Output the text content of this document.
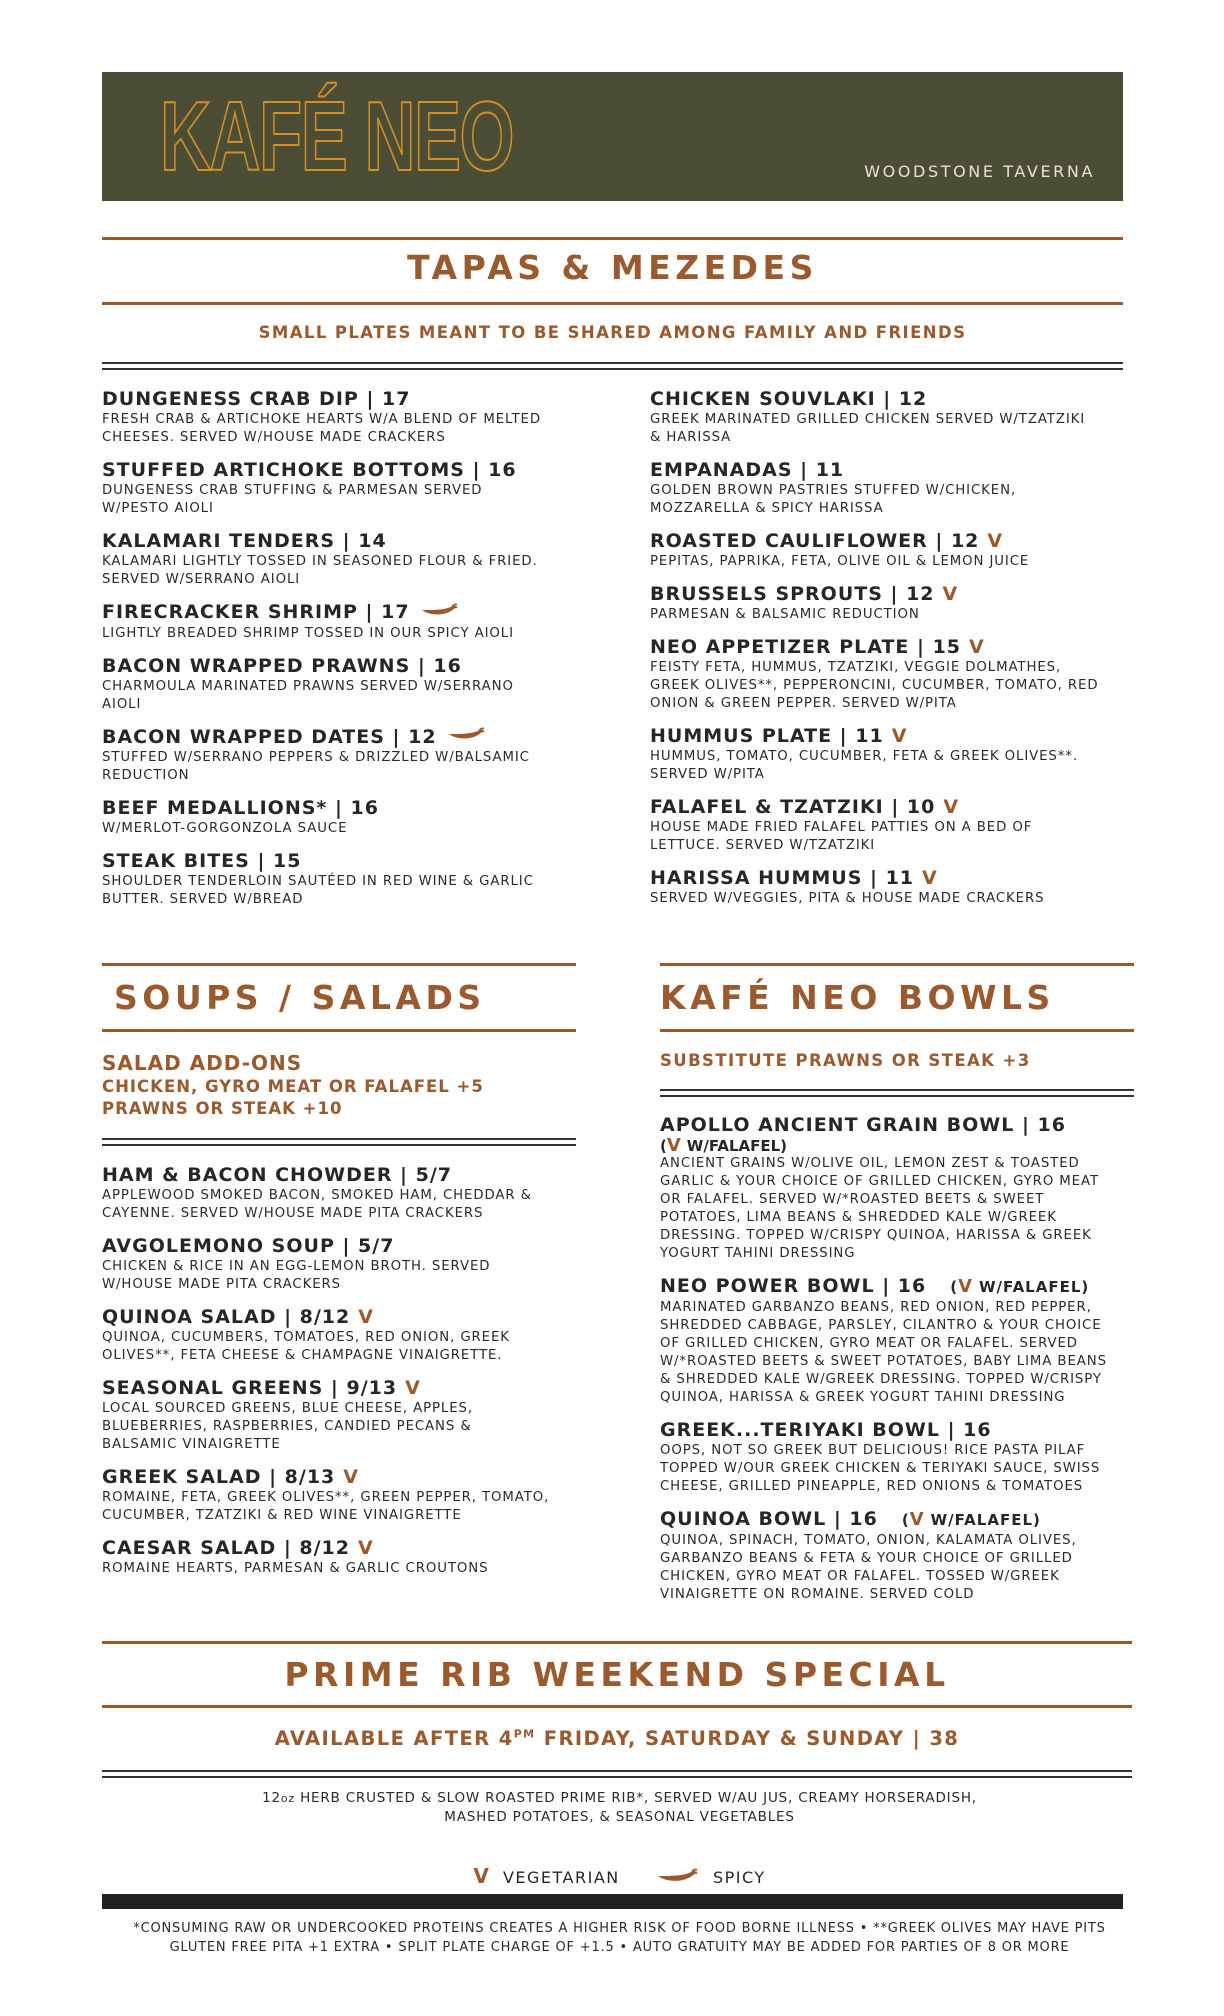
KAFÉ NEO	WOODSTONE TAVERNA
TAPAS & MEZEDES
SMALL PLATES MEANT TO BE SHARED AMONG FAMILY AND FRIENDS
DUNGENESS CRAB DIP | 17
FRESH CRAB & ARTICHOKE HEARTS W/A BLEND OF MELTED
CHEESES. SERVED W/HOUSE MADE CRACKERS
STUFFED ARTICHOKE BOTTOMS | 16
DUNGENESS CRAB STUFFING & PARMESAN SERVED
W/PESTO AIOLI
KALAMARI TENDERS | 14
KALAMARI LIGHTLY TOSSED IN SEASONED FLOUR & FRIED.
SERVED W/SERRANO AIOLI
FIRECRACKER SHRIMP | 17
LIGHTLY BREADED SHRIMP TOSSED IN OUR SPICY AIOLI
BACON WRAPPED PRAWNS | 16
CHARMOULA MARINATED PRAWNS SERVED W/SERRANO
AIOLI
BACON WRAPPED DATES | 12
STUFFED W/SERRANO PEPPERS & DRIZZLED W/BALSAMIC
REDUCTION
BEEF MEDALLIONS* | 16
W/MERLOT-GORGONZOLA SAUCE
STEAK BITES | 15
SHOULDER TENDERLOIN SAUTÉED IN RED WINE & GARLIC
BUTTER. SERVED W/BREAD
CHICKEN SOUVLAKI | 12
GREEK MARINATED GRILLED CHICKEN SERVED W/TZATZIKI
& HARISSA
EMPANADAS | 11
GOLDEN BROWN PASTRIES STUFFED W/CHICKEN,
MOZZARELLA & SPICY HARISSA
ROASTED CAULIFLOWER | 12 V
PEPITAS, PAPRIKA, FETA, OLIVE OIL & LEMON JUICE
BRUSSELS SPROUTS | 12 V
PARMESAN & BALSAMIC REDUCTION
NEO APPETIZER PLATE | 15 V
FEISTY FETA, HUMMUS, TZATZIKI, VEGGIE DOLMATHES,
GREEK OLIVES**, PEPPERONCINI, CUCUMBER, TOMATO, RED
ONION & GREEN PEPPER. SERVED W/PITA
HUMMUS PLATE | 11 V
HUMMUS, TOMATO, CUCUMBER, FETA & GREEK OLIVES**.
SERVED W/PITA
FALAFEL & TZATZIKI | 10 V
HOUSE MADE FRIED FALAFEL PATTIES ON A BED OF
LETTUCE. SERVED W/TZATZIKI
HARISSA HUMMUS | 11 V
SERVED W/VEGGIES, PITA & HOUSE MADE CRACKERS
SOUPS / SALADS
SALAD ADD-ONS
CHICKEN, GYRO MEAT OR FALAFEL +5
PRAWNS OR STEAK +10
HAM & BACON CHOWDER | 5/7
APPLEWOOD SMOKED BACON, SMOKED HAM, CHEDDAR &
CAYENNE. SERVED W/HOUSE MADE PITA CRACKERS
AVGOLEMONO SOUP | 5/7
CHICKEN & RICE IN AN EGG-LEMON BROTH. SERVED
W/HOUSE MADE PITA CRACKERS
QUINOA SALAD | 8/12 V
QUINOA, CUCUMBERS, TOMATOES, RED ONION, GREEK
OLIVES**, FETA CHEESE & CHAMPAGNE VINAIGRETTE.
SEASONAL GREENS | 9/13 V
LOCAL SOURCED GREENS, BLUE CHEESE, APPLES,
BLUEBERRIES, RASPBERRIES, CANDIED PECANS &
BALSAMIC VINAIGRETTE
GREEK SALAD | 8/13 V
ROMAINE, FETA, GREEK OLIVES**, GREEN PEPPER, TOMATO,
CUCUMBER, TZATZIKI & RED WINE VINAIGRETTE
CAESAR SALAD | 8/12 V
ROMAINE HEARTS, PARMESAN & GARLIC CROUTONS
KAFÉ NEO BOWLS
SUBSTITUTE PRAWNS OR STEAK +3
APOLLO ANCIENT GRAIN BOWL | 16
(V W/FALAFEL)
ANCIENT GRAINS W/OLIVE OIL, LEMON ZEST & TOASTED
GARLIC & YOUR CHOICE OF GRILLED CHICKEN, GYRO MEAT
OR FALAFEL. SERVED W/*ROASTED BEETS & SWEET
POTATOES, LIMA BEANS & SHREDDED KALE W/GREEK
DRESSING. TOPPED W/CRISPY QUINOA, HARISSA & GREEK
YOGURT TAHINI DRESSING
NEO POWER BOWL | 16 (V W/FALAFEL)
MARINATED GARBANZO BEANS, RED ONION, RED PEPPER,
SHREDDED CABBAGE, PARSLEY, CILANTRO & YOUR CHOICE
OF GRILLED CHICKEN, GYRO MEAT OR FALAFEL. SERVED
W/*ROASTED BEETS & SWEET POTATOES, BABY LIMA BEANS
& SHREDDED KALE W/GREEK DRESSING. TOPPED W/CRISPY
QUINOA, HARISSA & GREEK YOGURT TAHINI DRESSING
GREEK...TERIYAKI BOWL | 16
OOPS, NOT SO GREEK BUT DELICIOUS! RICE PASTA PILAF
TOPPED W/OUR GREEK CHICKEN & TERIYAKI SAUCE, SWISS
CHEESE, GRILLED PINEAPPLE, RED ONIONS & TOMATOES
QUINOA BOWL | 16 (V W/FALAFEL)
QUINOA, SPINACH, TOMATO, ONION, KALAMATA OLIVES,
GARBANZO BEANS & FETA & YOUR CHOICE OF GRILLED
CHICKEN, GYRO MEAT OR FALAFEL. TOSSED W/GREEK
VINAIGRETTE ON ROMAINE. SERVED COLD
PRIME RIB WEEKEND SPECIAL
AVAILABLE AFTER $4^{PM}$ FRIDAY, SATURDAY & SUNDAY | 38
12oz HERB CRUSTED & SLOW ROASTED PRIME RIB*, SERVED W/AU JUS, CREAMY HORSERADISH,
MASHED POTATOES, & SEASONAL VEGETABLES
V VEGETARIAN	SPICY
*CONSUMING RAW OR UNDERCOOKED PROTEINS CREATES A HIGHER RISK OF FOOD BORNE ILLNESS • **GREEK OLIVES MAY HAVE PITS
GLUTEN FREE PITA +1 EXTRA • SPLIT PLATE CHARGE OF +1.5 • AUTO GRATUITY MAY BE ADDED FOR PARTIES OF 8 OR MORE
